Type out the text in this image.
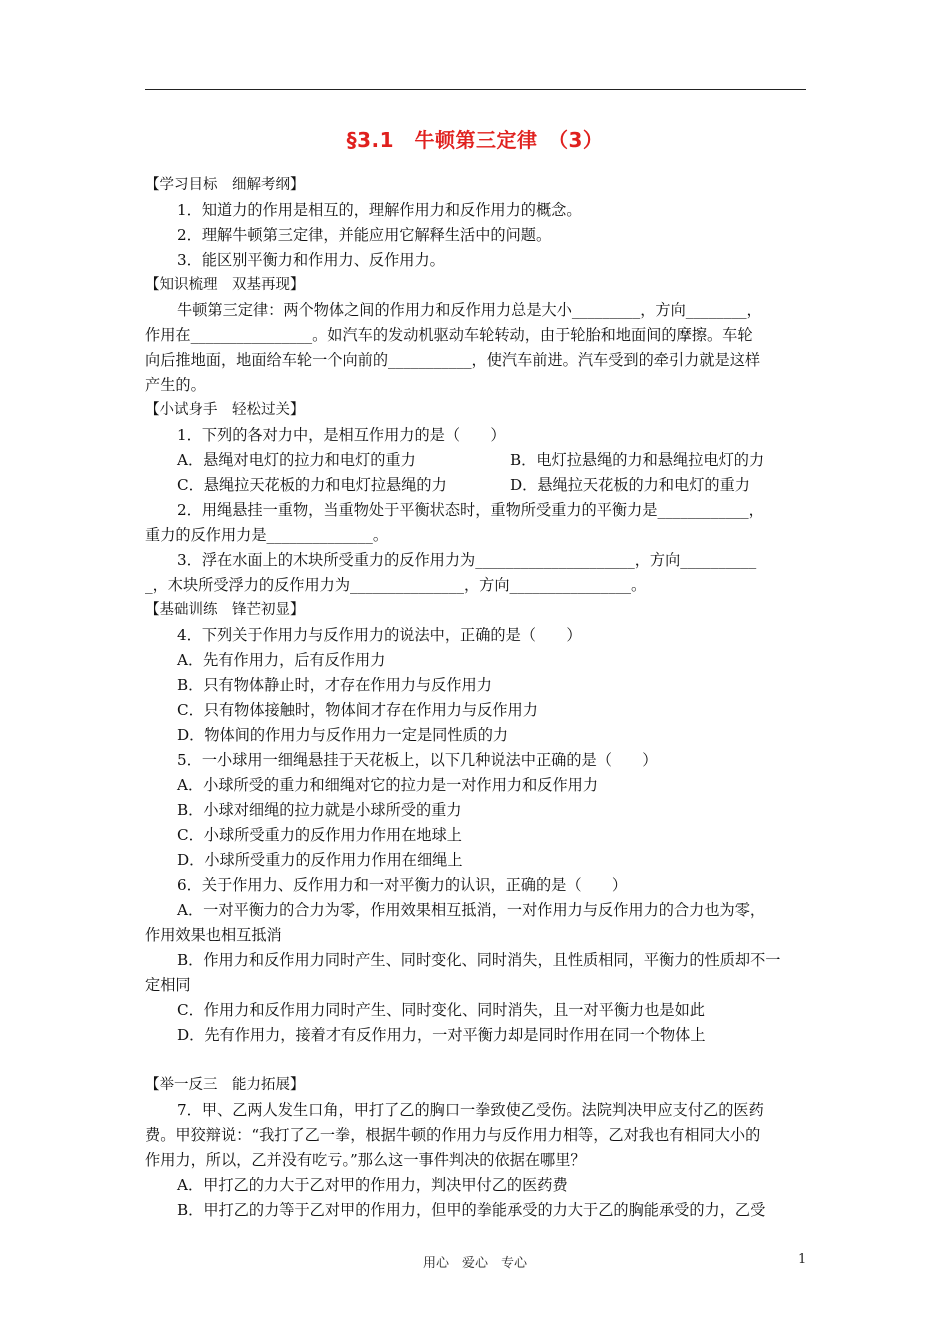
§3.1　牛顿第三定律　（3）
【学习目标　细解考纲】
1．知道力的作用是相互的，理解作用力和反作用力的概念。
2．理解牛顿第三定律，并能应用它解释生活中的问题。
3．能区别平衡力和作用力、反作用力。
【知识梳理　双基再现】
牛顿第三定律：两个物体之间的作用力和反作用力总是大小_________，方向________，
作用在________________。如汽车的发动机驱动车轮转动，由于轮胎和地面间的摩擦。车轮
向后推地面，地面给车轮一个向前的___________，使汽车前进。汽车受到的牵引力就是这样
产生的。
【小试身手　轻松过关】
1．下列的各对力中，是相互作用力的是（　　）
A．悬绳对电灯的拉力和电灯的重力	B．电灯拉悬绳的力和悬绳拉电灯的力
C．悬绳拉天花板的力和电灯拉悬绳的力	D．悬绳拉天花板的力和电灯的重力
2．用绳悬挂一重物，当重物处于平衡状态时，重物所受重力的平衡力是____________，
重力的反作用力是______________。
3．浮在水面上的木块所受重力的反作用力为_____________________，方向__________
_，木块所受浮力的反作用力为_______________，方向________________。
【基础训练　锋芒初显】
4．下列关于作用力与反作用力的说法中，正确的是（　　）
A．先有作用力，后有反作用力
B．只有物体静止时，才存在作用力与反作用力
C．只有物体接触时，物体间才存在作用力与反作用力
D．物体间的作用力与反作用力一定是同性质的力
5．一小球用一细绳悬挂于天花板上，以下几种说法中正确的是（　　）
A．小球所受的重力和细绳对它的拉力是一对作用力和反作用力
B．小球对细绳的拉力就是小球所受的重力
C．小球所受重力的反作用力作用在地球上
D．小球所受重力的反作用力作用在细绳上
6．关于作用力、反作用力和一对平衡力的认识，正确的是（　　）
A．一对平衡力的合力为零，作用效果相互抵消，一对作用力与反作用力的合力也为零，
作用效果也相互抵消
B．作用力和反作用力同时产生、同时变化、同时消失，且性质相同，平衡力的性质却不一
定相同
C．作用力和反作用力同时产生、同时变化、同时消失，且一对平衡力也是如此
D．先有作用力，接着才有反作用力，一对平衡力却是同时作用在同一个物体上
【举一反三　能力拓展】
7．甲、乙两人发生口角，甲打了乙的胸口一拳致使乙受伤。法院判决甲应支付乙的医药
费。甲狡辩说：“我打了乙一拳，根据牛顿的作用力与反作用力相等，乙对我也有相同大小的
作用力，所以，乙并没有吃亏。”那么这一事件判决的依据在哪里？
A．甲打乙的力大于乙对甲的作用力，判决甲付乙的医药费
B．甲打乙的力等于乙对甲的作用力，但甲的拳能承受的力大于乙的胸能承受的力，乙受
用心　爱心　专心	1
